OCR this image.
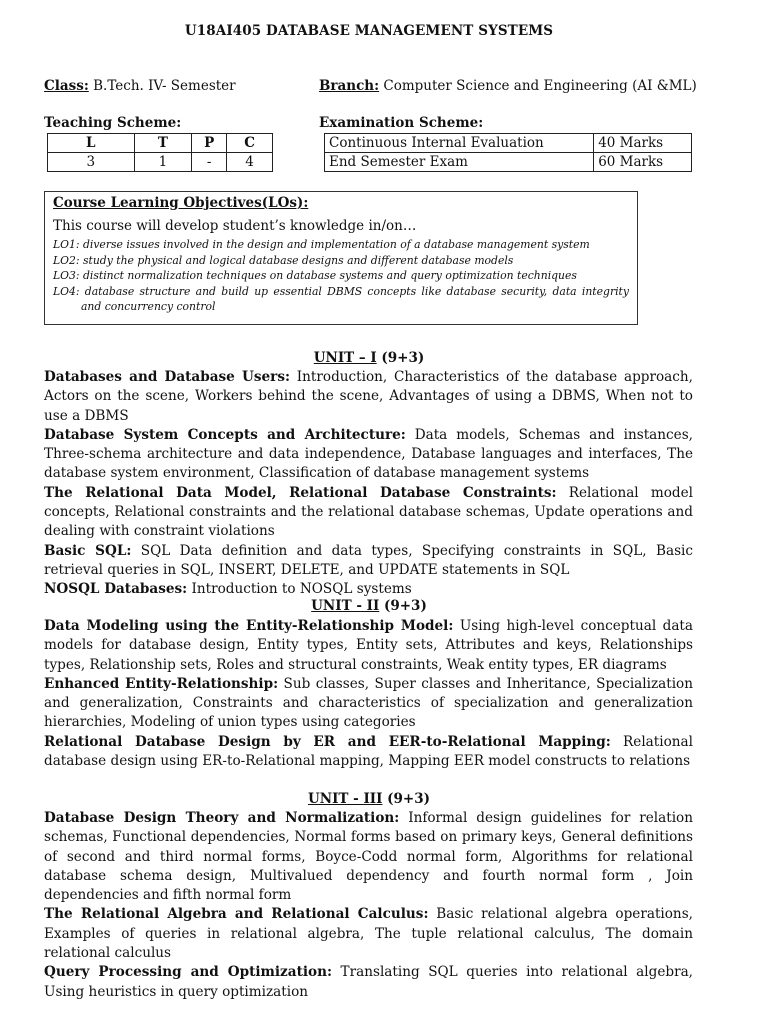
U18AI405 DATABASE MANAGEMENT SYSTEMS
Class: B.Tech. IV- Semester	Branch: Computer Science and Engineering (AI &ML)
Teaching Scheme:
L	T	P	C
3	1	-	4
Examination Scheme:
Continuous Internal Evaluation	40 Marks
End Semester Exam	60 Marks
Course Learning Objectives(LOs):
This course will develop student’s knowledge in/on…
LO1: diverse issues involved in the design and implementation of a database management system
LO2: study the physical and logical database designs and different database models
LO3: distinct normalization techniques on database systems and query optimization techniques
LO4: database structure and build up essential DBMS concepts like database security, data integrity
and concurrency control
UNIT – I (9+3)

Databases and Database Users: Introduction, Characteristics of the database approach, Actors on the scene, Workers behind the scene, Advantages of using a DBMS, When not to use a DBMS

Database System Concepts and Architecture: Data models, Schemas and instances, Three-schema architecture and data independence, Database languages and interfaces, The database system environment, Classification of database management systems

The Relational Data Model, Relational Database Constraints: Relational model concepts, Relational constraints and the relational database schemas, Update operations and dealing with constraint violations

Basic SQL: SQL Data definition and data types, Specifying constraints in SQL, Basic retrieval queries in SQL, INSERT, DELETE, and UPDATE statements in SQL

NOSQL Databases: Introduction to NOSQL systems

UNIT - II (9+3)

Data Modeling using the Entity-Relationship Model: Using high-level conceptual data models for database design, Entity types, Entity sets, Attributes and keys, Relationships types, Relationship sets, Roles and structural constraints, Weak entity types, ER diagrams

Enhanced Entity-Relationship: Sub classes, Super classes and Inheritance, Specialization and generalization, Constraints and characteristics of specialization and generalization hierarchies, Modeling of union types using categories

Relational Database Design by ER and EER-to-Relational Mapping: Relational database design using ER-to-Relational mapping, Mapping EER model constructs to relations

UNIT - III (9+3)

Database Design Theory and Normalization: Informal design guidelines for relation schemas, Functional dependencies, Normal forms based on primary keys, General definitions of second and third normal forms, Boyce-Codd normal form, Algorithms for relational database schema design, Multivalued dependency and fourth normal form , Join dependencies and fifth normal form

The Relational Algebra and Relational Calculus: Basic relational algebra operations, Examples of queries in relational algebra, The tuple relational calculus, The domain relational calculus

Query Processing and Optimization: Translating SQL queries into relational algebra, Using heuristics in query optimization
